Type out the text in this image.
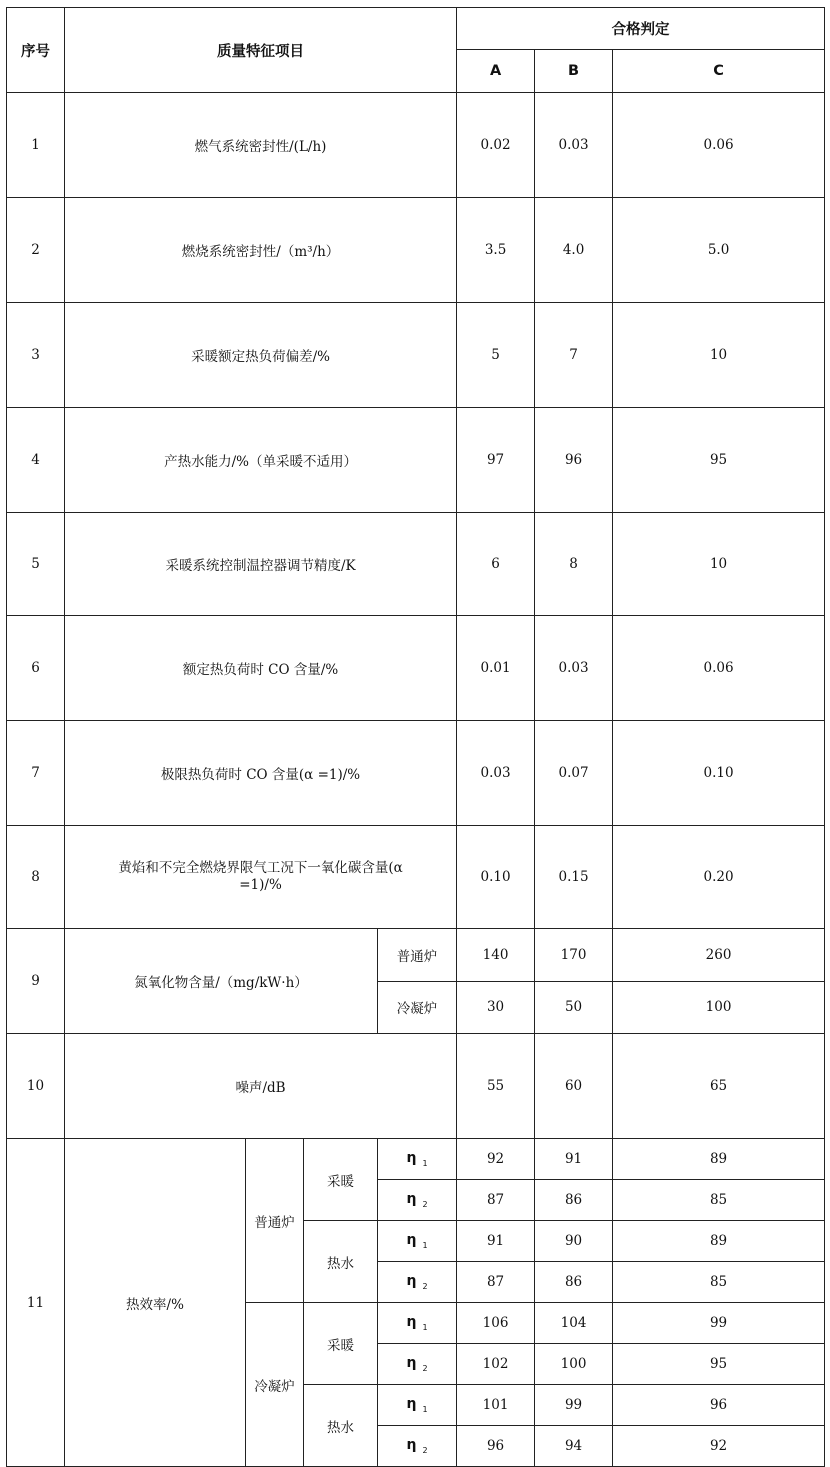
序号	质量特征项目				合格判定	
					A	B	C	
1	燃气系统密封性/(L/h)				0.02	0.03	0.06	
2	燃烧系统密封性/（m³/h）				3.5	4.0	5.0	
3	采暖额定热负荷偏差/%				5	7	10	
4	产热水能力/%（单采暖不适用）				97	96	95	
5	采暖系统控制温控器调节精度/K				6	8	10	
6	额定热负荷时 CO 含量/%				0.01	0.03	0.06	
7	极限热负荷时 CO 含量(α =1)/%				0.03	0.07	0.10	
8	黄焰和不完全燃烧界限气工况下一氧化碳含量(α =1)/%				0.10	0.15	0.20	
9	氮氧化物含量/（mg/kW·h）			普通炉	140	170	260	
				冷凝炉	30	50	100	
10	噪声/dB				55	60	65	
11	热效率/%	普通炉	采暖	η $_1$	92	91	89	
				η $_2$	87	86	85	
			热水	η $_1$	91	90	89	
				η $_2$	87	86	85	
		冷凝炉	采暖	η $_1$	106	104	99	
				η $_2$	102	100	95	
			热水	η $_1$	101	99	96	
				η $_2$	96	94	92	
